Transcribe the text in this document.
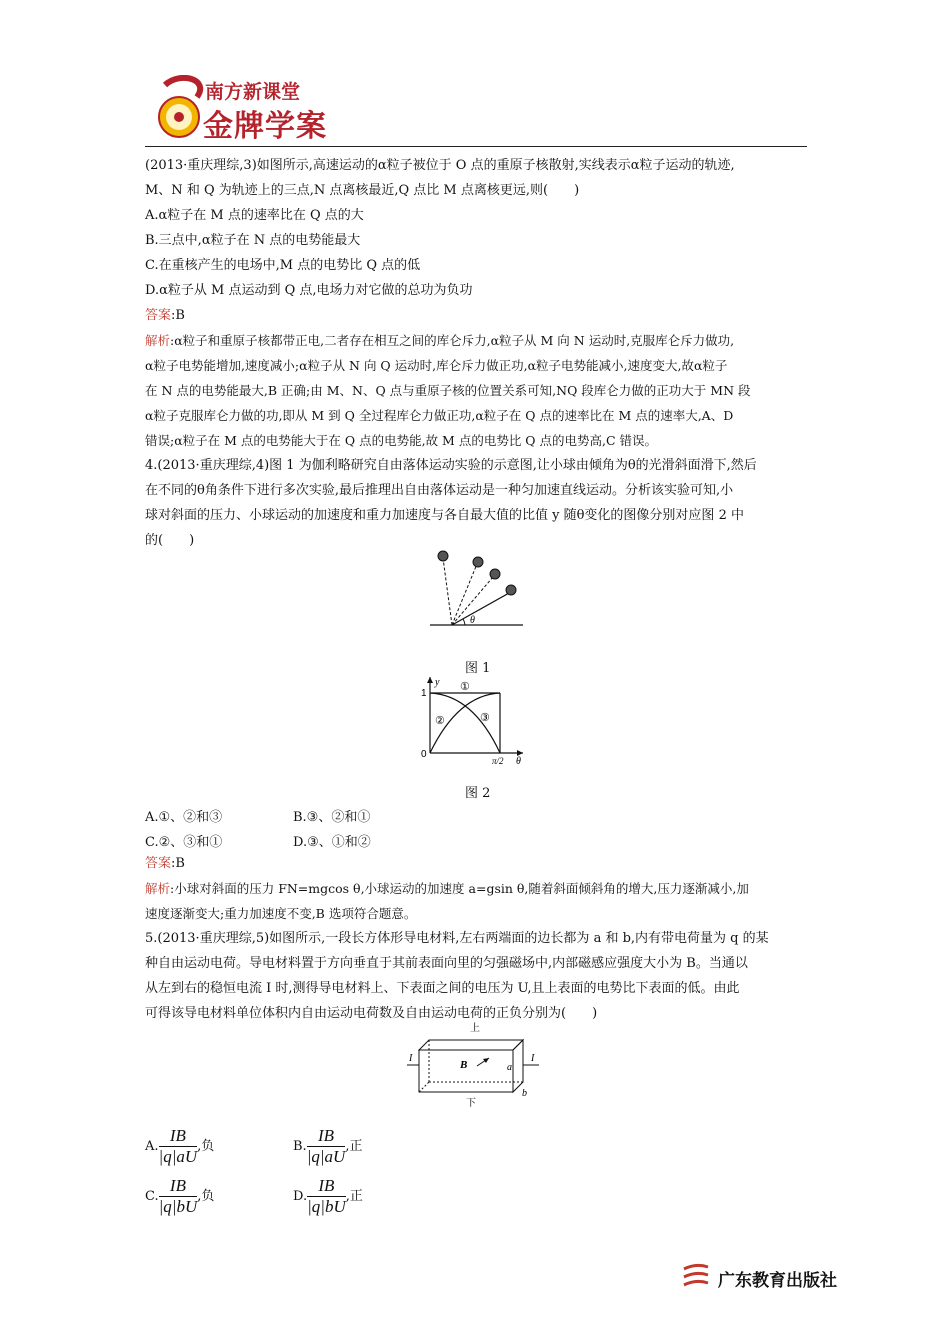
南方新课堂
金牌学案
(2013·重庆理综,3)如图所示,高速运动的α粒子被位于 O 点的重原子核散射,实线表示α粒子运动的轨迹,
M、N 和 Q 为轨迹上的三点,N 点离核最近,Q 点比 M 点离核更远,则(　　)
A.α粒子在 M 点的速率比在 Q 点的大
B.三点中,α粒子在 N 点的电势能最大
C.在重核产生的电场中,M 点的电势比 Q 点的低
D.α粒子从 M 点运动到 Q 点,电场力对它做的总功为负功
答案:B
解析:α粒子和重原子核都带正电,二者存在相互之间的库仑斥力,α粒子从 M 向 N 运动时,克服库仑斥力做功,
α粒子电势能增加,速度减小;α粒子从 N 向 Q 运动时,库仑斥力做正功,α粒子电势能减小,速度变大,故α粒子
在 N 点的电势能最大,B 正确;由 M、N、Q 点与重原子核的位置关系可知,NQ 段库仑力做的正功大于 MN 段
α粒子克服库仑力做的功,即从 M 到 Q 全过程库仑力做正功,α粒子在 Q 点的速率比在 M 点的速率大,A、D
错误;α粒子在 M 点的电势能大于在 Q 点的电势能,故 M 点的电势比 Q 点的电势高,C 错误。
4.(2013·重庆理综,4)图 1 为伽利略研究自由落体运动实验的示意图,让小球由倾角为θ的光滑斜面滑下,然后
在不同的θ角条件下进行多次实验,最后推理出自由落体运动是一种匀加速直线运动。分析该实验可知,小
球对斜面的压力、小球运动的加速度和重力加速度与各自最大值的比值 y 随θ变化的图像分别对应图 2 中
的(　　)
θ
图 1
y
1
0
①
②	③
π/2 θ
图 2
A.①、②和③	B.③、②和①
C.②、③和①	D.③、①和②
答案:B
解析:小球对斜面的压力 FN=mgcos θ,小球运动的加速度 a=gsin θ,随着斜面倾斜角的增大,压力逐渐减小,加
速度逐渐变大;重力加速度不变,B 选项符合题意。
5.(2013·重庆理综,5)如图所示,一段长方体形导电材料,左右两端面的边长都为 a 和 b,内有带电荷量为 q 的某
种自由运动电荷。导电材料置于方向垂直于其前表面向里的匀强磁场中,内部磁感应强度大小为 B。当通以
从左到右的稳恒电流 I 时,测得导电材料上、下表面之间的电压为 U,且上表面的电势比下表面的低。由此
可得该导电材料单位体积内自由运动电荷数及自由运动电荷的正负分别为(　　)
上
下
I	I
B	a
b
A. $\frac{IB}{|q|aU}$ ,负	B. $\frac{IB}{|q|aU}$ ,正
C. $\frac{IB}{|q|bU}$ ,负	D. $\frac{IB}{|q|bU}$ ,正
广东教育出版社
